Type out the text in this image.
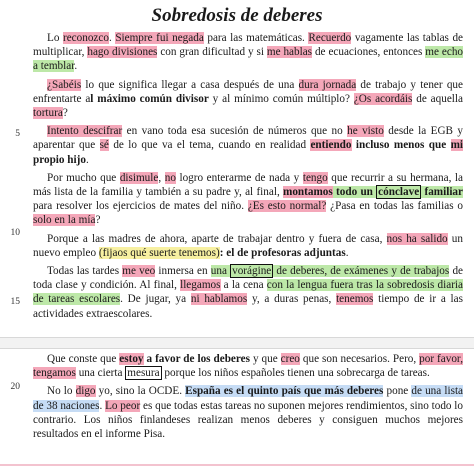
Sobredosis de deberes
5
10
15

Lo reconozco. Siempre fui negada para las matemáticas. Recuerdo vagamente las tablas de multiplicar, hago divisiones con gran dificultad y si me hablas de ecuaciones, entonces me echo a temblar.

¿Sabéis lo que significa llegar a casa después de una dura jornada de trabajo y tener que enfrentarte al máximo común divisor y al mínimo común múltiplo? ¿Os acordáis de aquella tortura?

Intento descifrar en vano toda esa sucesión de números que no he visto desde la EGB y aparentar que sé de lo que va el tema, cuando en realidad entiendo incluso menos que mi propio hijo.

Por mucho que disimule, no logro enterarme de nada y tengo que recurrir a su hermana, la más lista de la familia y también a su padre y, al final, montamos todo un cónclave familiar para resolver los ejercicios de mates del niño. ¿Es esto normal? ¿Pasa en todas las familias o solo en la mía?

Porque a las madres de ahora, aparte de trabajar dentro y fuera de casa, nos ha salido un nuevo empleo (fijaos qué suerte tenemos): el de profesoras adjuntas.

Todas las tardes me veo inmersa en una vorágine de deberes, de exámenes y de trabajos de toda clase y condición. Al final, llegamos a la cena con la lengua fuera tras la sobredosis diaria de tareas escolares. De jugar, ya ni hablamos y, a duras penas, tenemos tiempo de ir a las actividades extraescolares.

20

Que conste que estoy a favor de los deberes y que creo que son necesarios. Pero, por favor, tengamos una cierta mesura porque los niños españoles tienen una sobrecarga de tareas.

No lo digo yo, sino la OCDE. España es el quinto país que más deberes pone de una lista de 38 naciones. Lo peor es que todas estas tareas no suponen mejores rendimientos, sino todo lo contrario. Los niños finlandeses realizan menos deberes y consiguen muchos mejores resultados en el informe Pisa.
